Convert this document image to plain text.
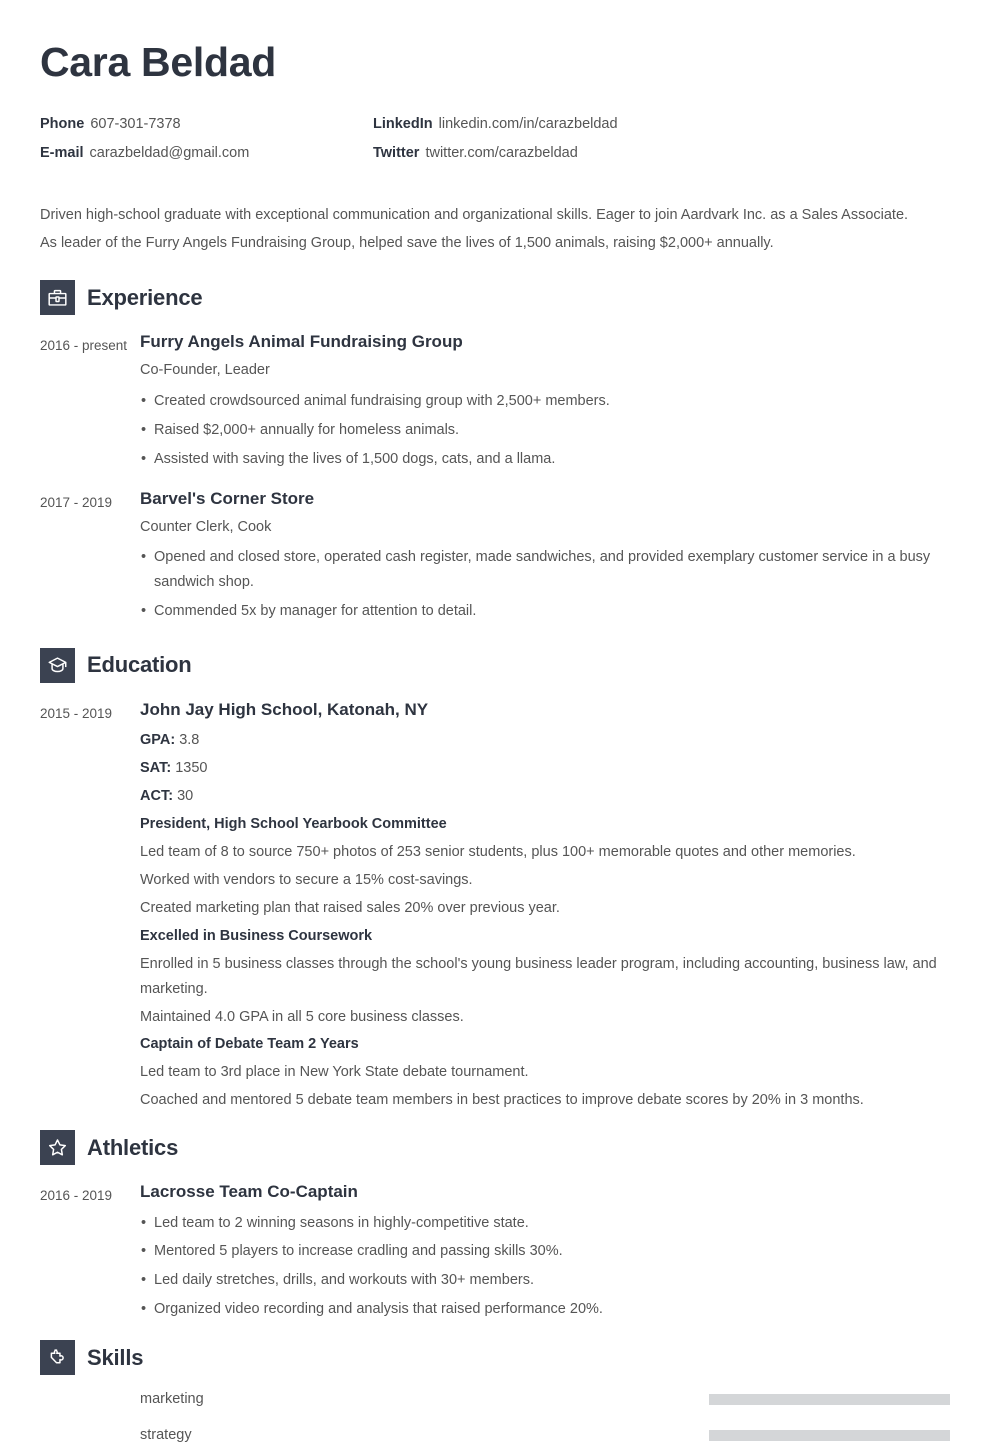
Cara Beldad
Phone 607-301-7378	LinkedIn linkedin.com/in/carazbeldad
E-mail carazbeldad@gmail.com	Twitter twitter.com/carazbeldad
Driven high-school graduate with exceptional communication and organizational skills. Eager to join Aardvark Inc. as a Sales Associate.
As leader of the Furry Angels Fundraising Group, helped save the lives of 1,500 animals, raising $2,000+ annually.
Experience
2016 - present Furry Angels Animal Fundraising Group
Co-Founder, Leader
• Created crowdsourced animal fundraising group with 2,500+ members.
• Raised $2,000+ annually for homeless animals.
• Assisted with saving the lives of 1,500 dogs, cats, and a llama.
2017 - 2019	Barvel's Corner Store
Counter Clerk, Cook
• Opened and closed store, operated cash register, made sandwiches, and provided exemplary customer service in a busy sandwich shop.
• Commended 5x by manager for attention to detail.
Education
2015 - 2019	John Jay High School, Katonah, NY
GPA: 3.8
SAT: 1350
ACT: 30
President, High School Yearbook Committee
Led team of 8 to source 750+ photos of 253 senior students, plus 100+ memorable quotes and other memories.
Worked with vendors to secure a 15% cost-savings.
Created marketing plan that raised sales 20% over previous year.
Excelled in Business Coursework
Enrolled in 5 business classes through the school's young business leader program, including accounting, business law, and marketing.
Maintained 4.0 GPA in all 5 core business classes.
Captain of Debate Team 2 Years
Led team to 3rd place in New York State debate tournament.
Coached and mentored 5 debate team members in best practices to improve debate scores by 20% in 3 months.
Athletics
2016 - 2019	Lacrosse Team Co-Captain
• Led team to 2 winning seasons in highly-competitive state.
• Mentored 5 players to increase cradling and passing skills 30%.
• Led daily stretches, drills, and workouts with 30+ members.
• Organized video recording and analysis that raised performance 20%.
Skills
marketing
strategy
